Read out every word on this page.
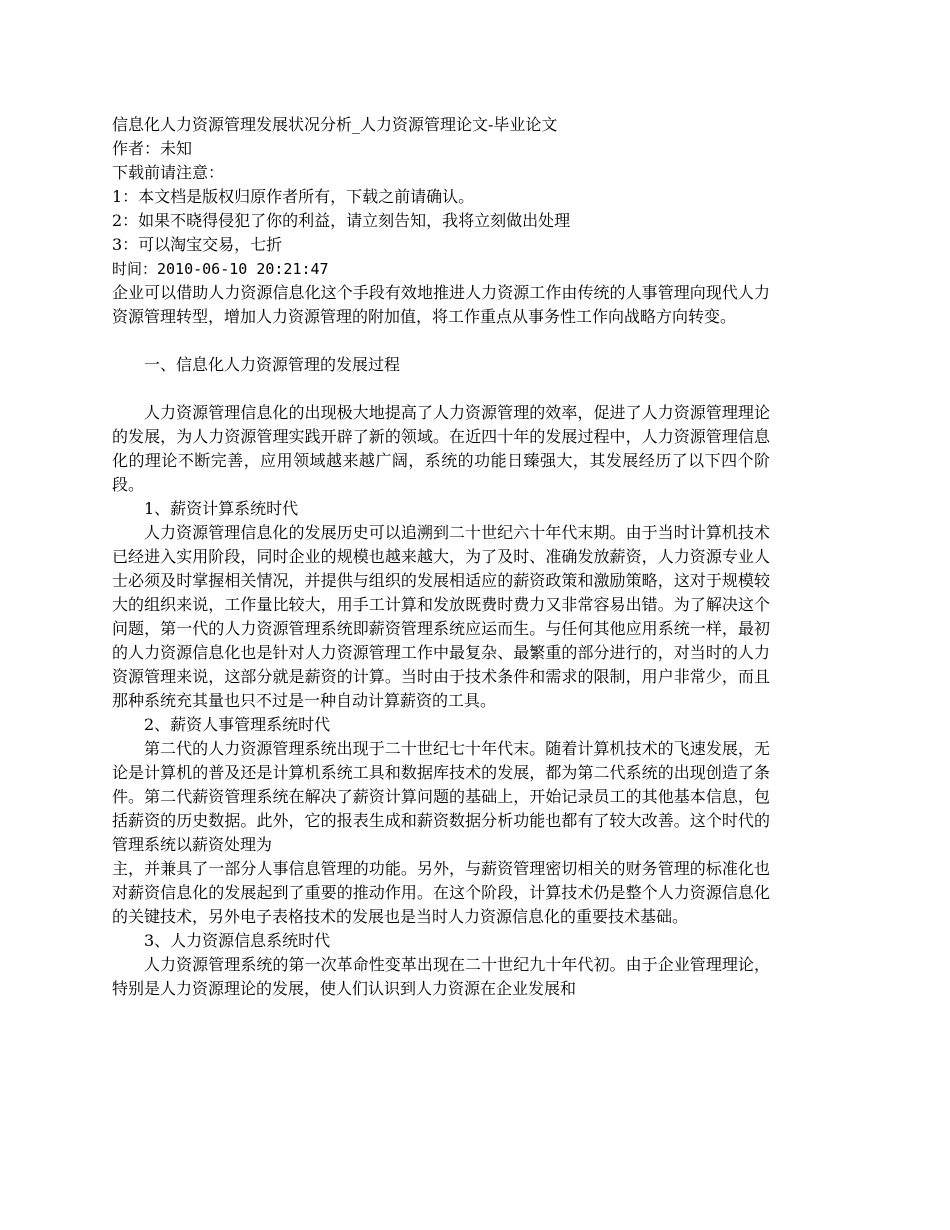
信息化人力资源管理发展状况分析_人力资源管理论文-毕业论文

作者：未知

下载前请注意：

1：本文档是版权归原作者所有，下载之前请确认。

2：如果不晓得侵犯了你的利益，请立刻告知，我将立刻做出处理

3：可以淘宝交易，七折

时间：2010-06-10 20:21:47

企业可以借助人力资源信息化这个手段有效地推进人力资源工作由传统的人事管理向现代人力资源管理转型，增加人力资源管理的附加值，将工作重点从事务性工作向战略方向转变。

一、信息化人力资源管理的发展过程

人力资源管理信息化的出现极大地提高了人力资源管理的效率，促进了人力资源管理理论的发展，为人力资源管理实践开辟了新的领域。在近四十年的发展过程中，人力资源管理信息化的理论不断完善，应用领域越来越广阔，系统的功能日臻强大，其发展经历了以下四个阶段。

1、薪资计算系统时代

人力资源管理信息化的发展历史可以追溯到二十世纪六十年代末期。由于当时计算机技术已经进入实用阶段，同时企业的规模也越来越大，为了及时、准确发放薪资，人力资源专业人士必须及时掌握相关情况，并提供与组织的发展相适应的薪资政策和激励策略，这对于规模较大的组织来说，工作量比较大，用手工计算和发放既费时费力又非常容易出错。为了解决这个问题，第一代的人力资源管理系统即薪资管理系统应运而生。与任何其他应用系统一样，最初的人力资源信息化也是针对人力资源管理工作中最复杂、最繁重的部分进行的，对当时的人力资源管理来说，这部分就是薪资的计算。当时由于技术条件和需求的限制，用户非常少，而且那种系统充其量也只不过是一种自动计算薪资的工具。

2、薪资人事管理系统时代

第二代的人力资源管理系统出现于二十世纪七十年代末。随着计算机技术的飞速发展，无论是计算机的普及还是计算机系统工具和数据库技术的发展，都为第二代系统的出现创造了条件。第二代薪资管理系统在解决了薪资计算问题的基础上，开始记录员工的其他基本信息，包括薪资的历史数据。此外，它的报表生成和薪资数据分析功能也都有了较大改善。这个时代的管理系统以薪资处理为

主，并兼具了一部分人事信息管理的功能。另外，与薪资管理密切相关的财务管理的标准化也对薪资信息化的发展起到了重要的推动作用。在这个阶段，计算技术仍是整个人力资源信息化的关键技术，另外电子表格技术的发展也是当时人力资源信息化的重要技术基础。

3、人力资源信息系统时代

人力资源管理系统的第一次革命性变革出现在二十世纪九十年代初。由于企业管理理论，特别是人力资源理论的发展，使人们认识到人力资源在企业发展和
